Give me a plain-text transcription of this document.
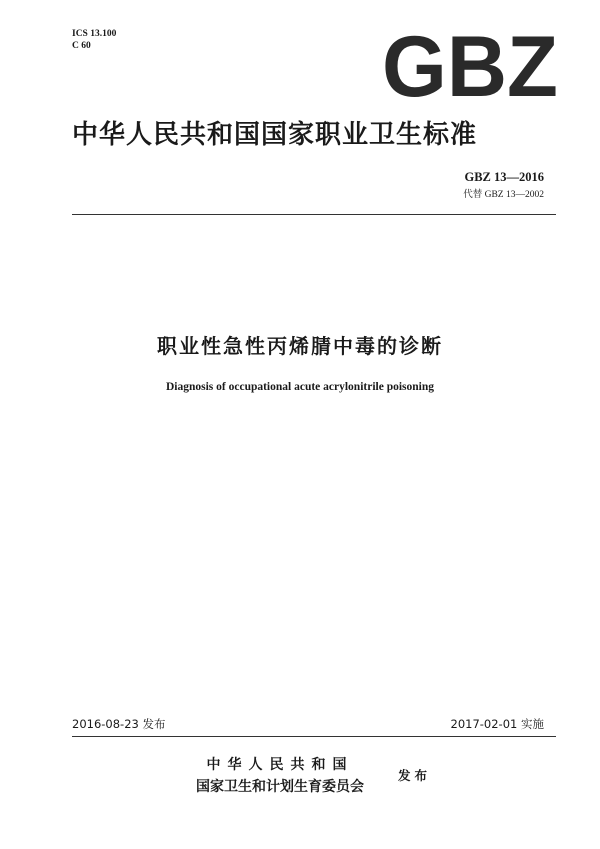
ICS 13.100
C 60	GBZ
中华人民共和国国家职业卫生标准
GBZ 13—2016
代替 GBZ 13—2002
职业性急性丙烯腈中毒的诊断
Diagnosis of occupational acute acrylonitrile poisoning
2016-08-23 发布	2017-02-01 实施
中华人民共和国
国家卫生和计划生育委员会
发布
